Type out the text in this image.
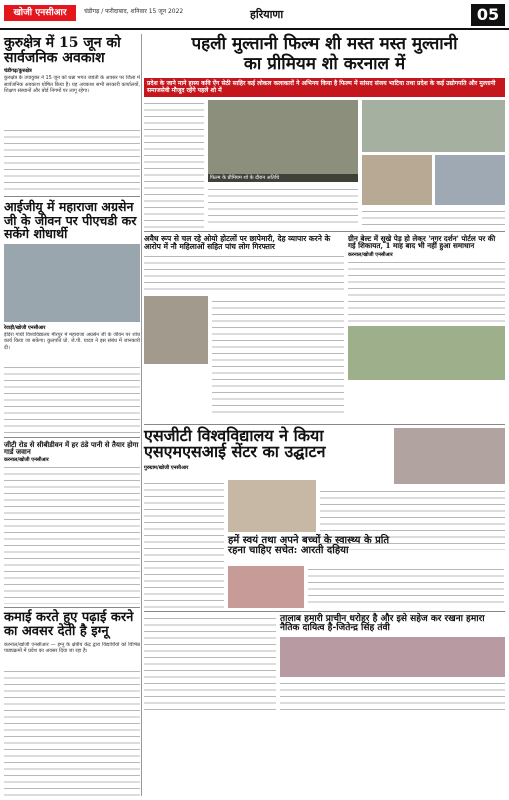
खोजी एनसीआर	चंडीगढ़ / फरीदाबाद, शनिवार 15 जून 2022	हरियाणा	05
कुरुक्षेत्र में 15 जून को सार्वजनिक अवकाश
चंडीगढ़/कुरुक्षेत्र
कुरुक्षेत्र के उपायुक्त ने 15 जून को धन्ना भगत जयंती के अवसर पर जिला में सार्वजनिक अवकाश घोषित किया है। यह अवकाश सभी सरकारी कार्यालयों, शिक्षण संस्थानों और बोर्ड निगमों पर लागू रहेगा।
आईजीयू में महाराजा अग्रसेन जी के जीवन पर पीएचडी कर सकेंगे शोधार्थी
रेवाड़ी/खोजी एनसीआर
इंदिरा गांधी विश्वविद्यालय मीरपुर में महाराजा अग्रसेन जी के जीवन पर शोध कार्य किया जा सकेगा। कुलपति प्रो. जे.पी. यादव ने इस संबंध में जानकारी दी।
जीटी रोड से सीबीडीवन में हर ठंडे पानी से तैयार होगा गार्ड जवान
करनाल/खोजी एनसीआर
कमाई करते हुए पढ़ाई करने का अवसर देती है इग्नू
करनाल/खोजी एनसीआर — इग्नू के क्षेत्रीय केंद्र द्वारा विद्यार्थियों को विभिन्न पाठ्यक्रमों में प्रवेश का अवसर दिया जा रहा है।
पहली मुल्तानी फिल्म शी मस्त मस्त मुल्तानी
का प्रीमियम शो करनाल में
प्रदेश के जाने माने हास्य कवि ऐंग सेठी साहिर कई लोकल कलाकारों ने अभिनय किया है फिल्म में सांसद संजय भाटिया तथा प्रदेश के कई उद्योगपति और मुल्तानी समाजसेवी मौजूद रहेंगे पहले शो में
फिल्म के प्रीमियम शो के दौरान अतिथि
अवैध रूप से चल रहे ओयो होटलों पर छापेमारी, देह व्यापार करने के आरोप में नौ महिलाओं सहित पांच लोग गिरफ्तार
ग्रीन बेल्ट में सूखे पेड़ हो लेकर 'नगर दर्शन' पोर्टल पर की गई शिकायत, 1 माह बाद भी नहीं हुआ समाधान
करनाल/खोजी एनसीआर
एसजीटी विश्वविद्यालय ने किया एसएमएसआई सेंटर का उद्घाटन
गुरुग्राम/खोजी एनसीआर
हमें स्वयं तथा अपने बच्चों के स्वास्थ्य के प्रति रहना चाहिए सचेत: आरती दहिया
तालाब हमारी प्राचीन धरोहर है और इसे सहेज कर रखना हमारा नैतिक दायित्व है-जितेन्द्र सिंह तंवी
